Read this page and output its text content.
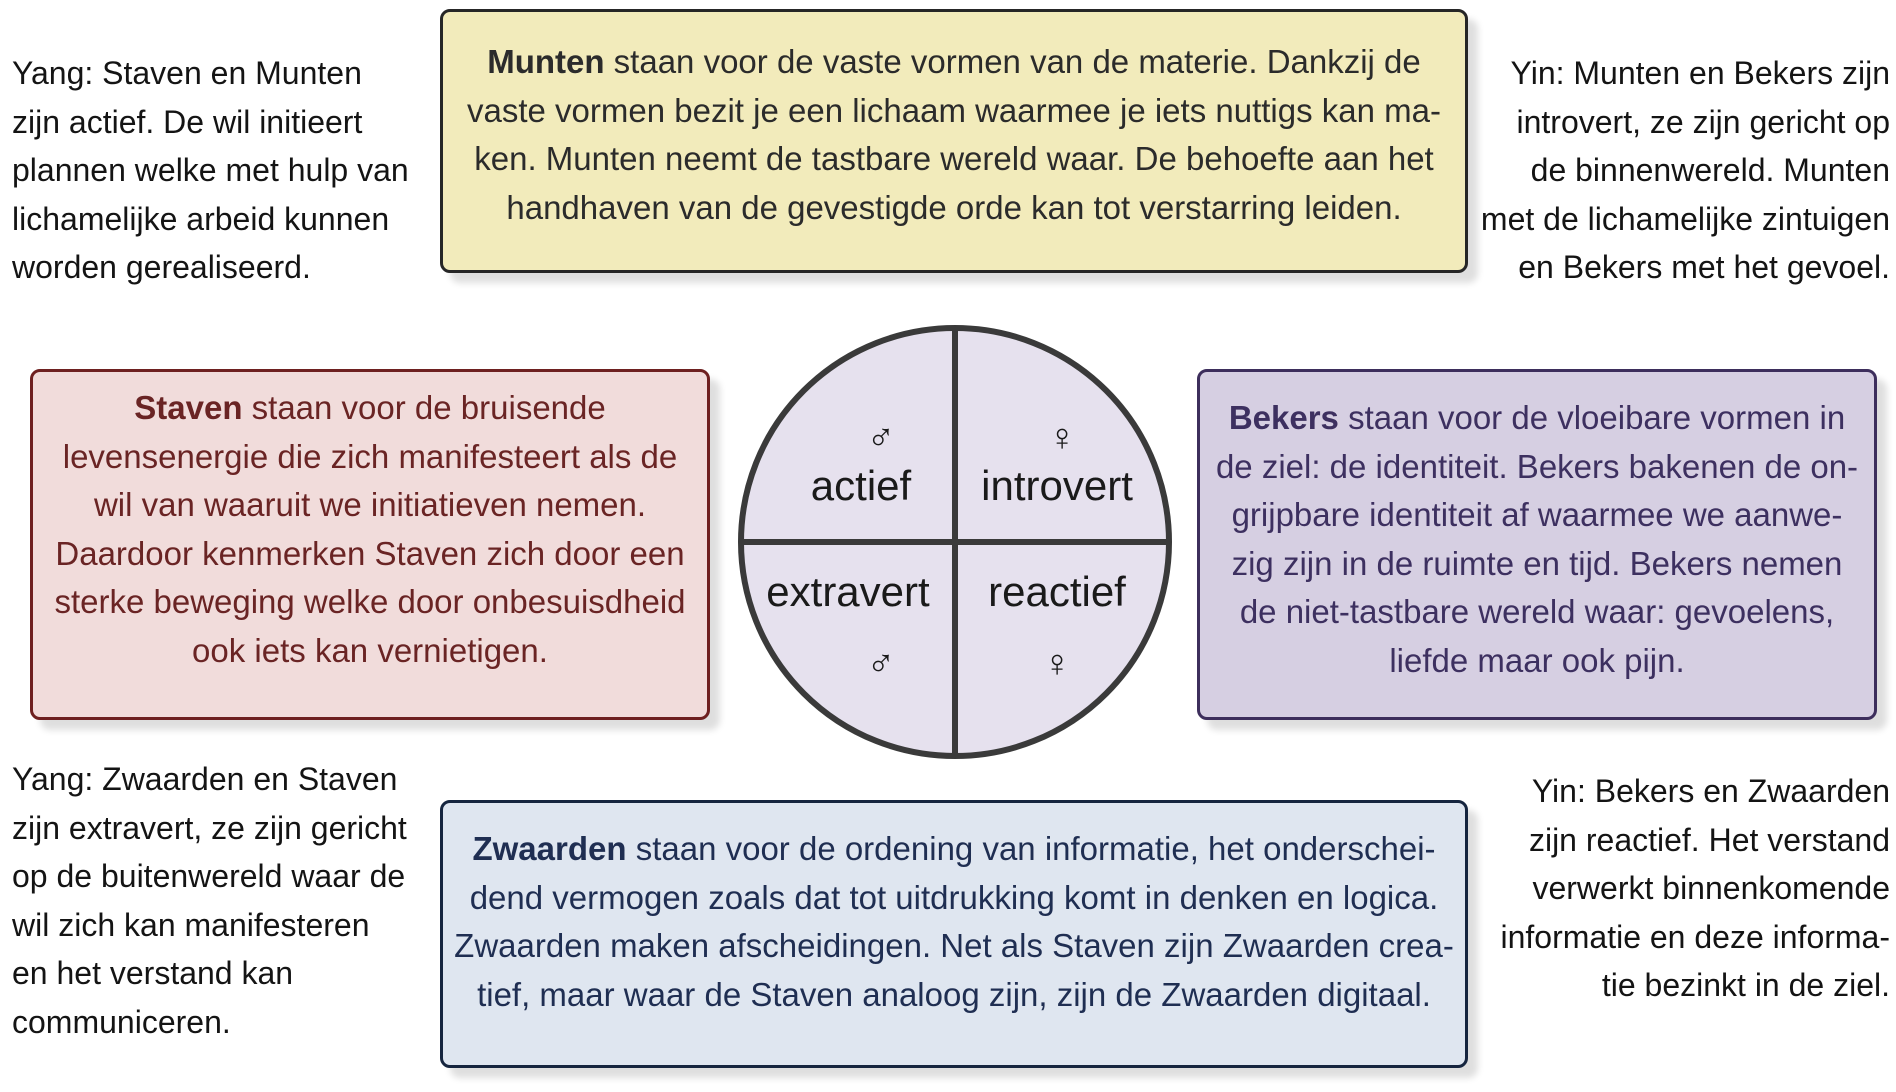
Yang: Staven en Munten
zijn actief. De wil initieert
plannen welke met hulp van
lichamelijke arbeid kunnen
worden gerealiseerd.
Yin: Munten en Bekers zijn
introvert, ze zijn gericht op
de binnenwereld. Munten
met de lichamelijke zintuigen
en Bekers met het gevoel.
Yang: Zwaarden en Staven
zijn extravert, ze zijn gericht
op de buitenwereld waar de
wil zich kan manifesteren
en het verstand kan
communiceren.
Yin: Bekers en Zwaarden
zijn reactief. Het verstand
verwerkt binnenkomende
informatie en deze informa-
tie bezinkt in de ziel.

Munten staan voor de vaste vormen van de materie. Dankzij de

vaste vormen bezit je een lichaam waarmee je iets nuttigs kan ma-

ken. Munten neemt de tastbare wereld waar. De behoefte aan het

handhaven van de gevestigde orde kan tot verstarring leiden.

Staven staan voor de bruisende

levensenergie die zich manifesteert als de

wil van waaruit we initiatieven nemen.

Daardoor kenmerken Staven zich door een

sterke beweging welke door onbesuisdheid

ook iets kan vernietigen.

Bekers staan voor de vloeibare vormen in

de ziel: de identiteit. Bekers bakenen de on-

grijpbare identiteit af waarmee we aanwe-

zig zijn in de ruimte en tijd. Bekers nemen

de niet-tastbare wereld waar: gevoelens,

liefde maar ook pijn.

Zwaarden staan voor de ordening van informatie, het onderschei-

dend vermogen zoals dat tot uitdrukking komt in denken en logica.

Zwaarden maken afscheidingen. Net als Staven zijn Zwaarden crea-

tief, maar waar de Staven analoog zijn, zijn de Zwaarden digitaal.

♂
actief
♀
introvert
extravert
♂
reactief
♀
